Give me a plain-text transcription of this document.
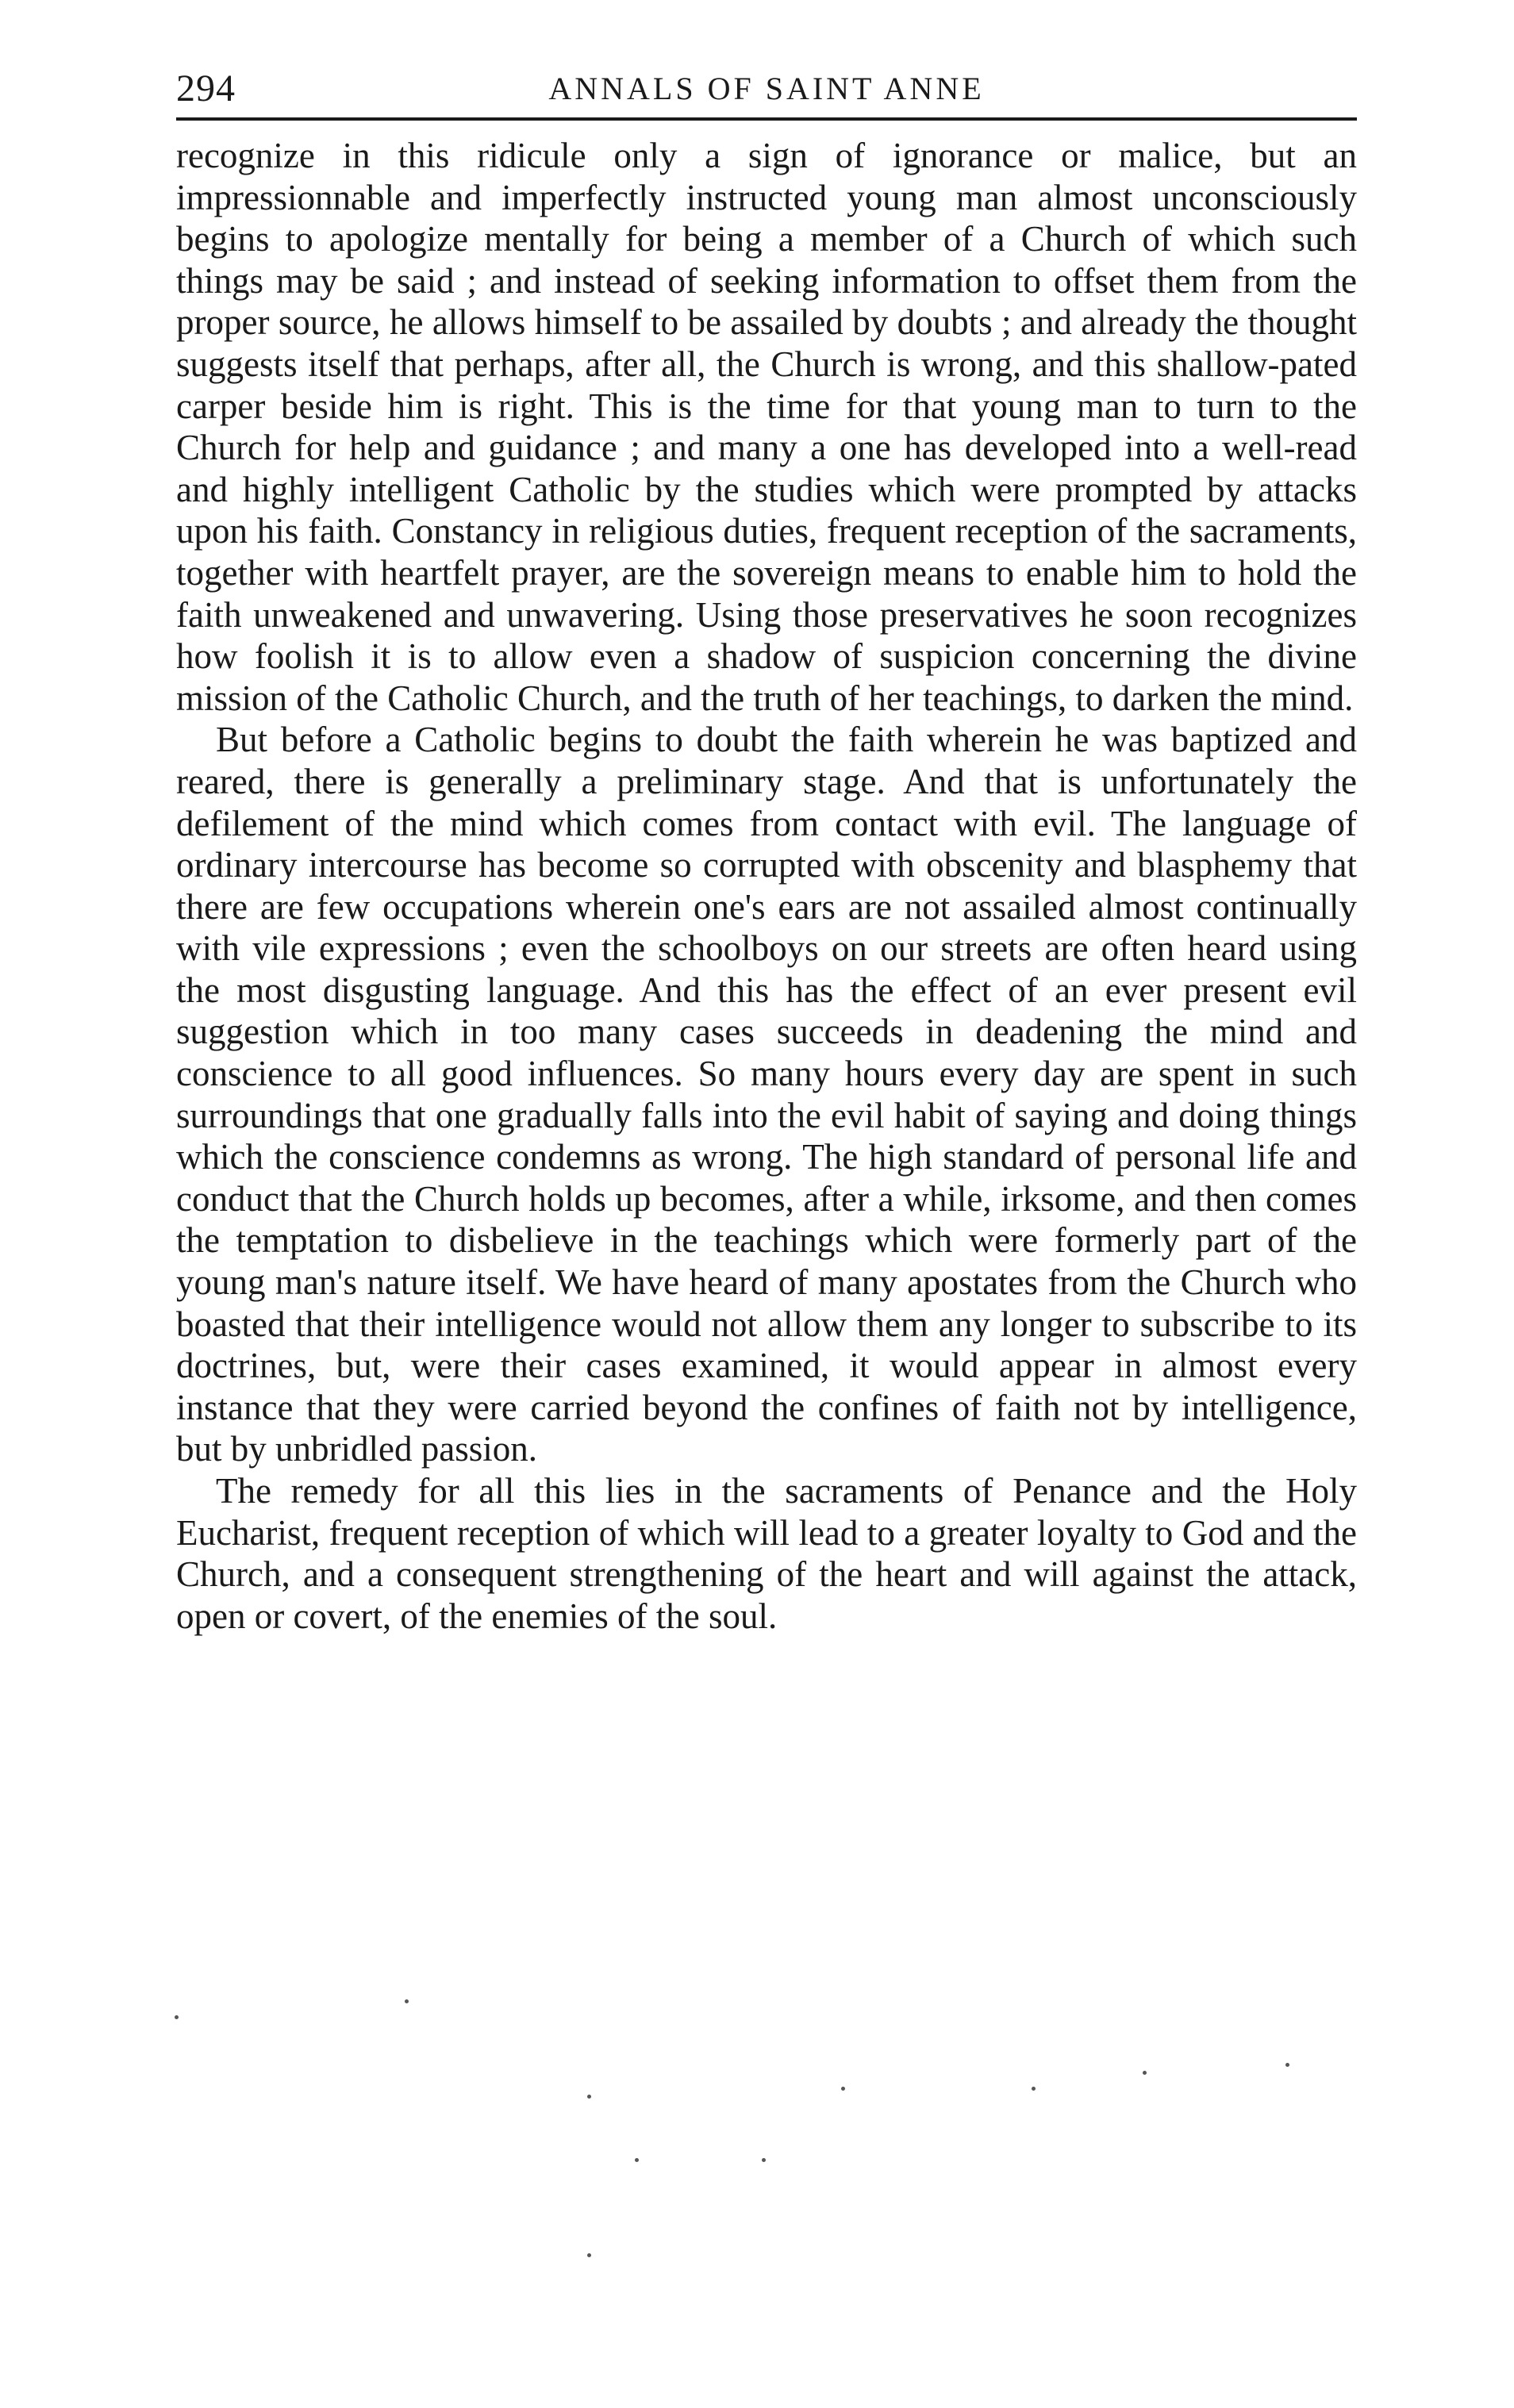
294	ANNALS OF SAINT ANNE

recognize in this ridicule only a sign of ignorance or malice, but an impressionnable and imperfectly instructed young man almost unconsciously begins to apologize mentally for being a member of a Church of which such things may be said ; and instead of seeking information to offset them from the proper source, he allows himself to be assailed by doubts ; and already the thought suggests itself that perhaps, after all, the Church is wrong, and this shallow-pated carper beside him is right. This is the time for that young man to turn to the Church for help and guidance ; and many a one has developed into a well-read and highly intelligent Catholic by the studies which were prompted by attacks upon his faith. Constancy in religious duties, frequent reception of the sacraments, together with heartfelt prayer, are the sovereign means to enable him to hold the faith unweakened and unwavering. Using those preservatives he soon recognizes how foolish it is to allow even a shadow of suspicion concerning the divine mission of the Catholic Church, and the truth of her teachings, to darken the mind.

But before a Catholic begins to doubt the faith wherein he was baptized and reared, there is generally a preliminary stage. And that is unfortunately the defilement of the mind which comes from contact with evil. The language of ordinary intercourse has become so corrupted with obscenity and blasphemy that there are few occupations wherein one's ears are not assailed almost continually with vile expressions ; even the schoolboys on our streets are often heard using the most disgusting language. And this has the effect of an ever present evil suggestion which in too many cases succeeds in deadening the mind and conscience to all good influences. So many hours every day are spent in such surroundings that one gradually falls into the evil habit of saying and doing things which the conscience condemns as wrong. The high standard of personal life and conduct that the Church holds up becomes, after a while, irksome, and then comes the temptation to disbelieve in the teachings which were formerly part of the young man's nature itself. We have heard of many apostates from the Church who boasted that their intelligence would not allow them any longer to subscribe to its doctrines, but, were their cases examined, it would appear in almost every instance that they were carried beyond the confines of faith not by intelligence, but by unbridled passion.

The remedy for all this lies in the sacraments of Penance and the Holy Eucharist, frequent reception of which will lead to a greater loyalty to God and the Church, and a consequent strengthening of the heart and will against the attack, open or covert, of the enemies of the soul.
